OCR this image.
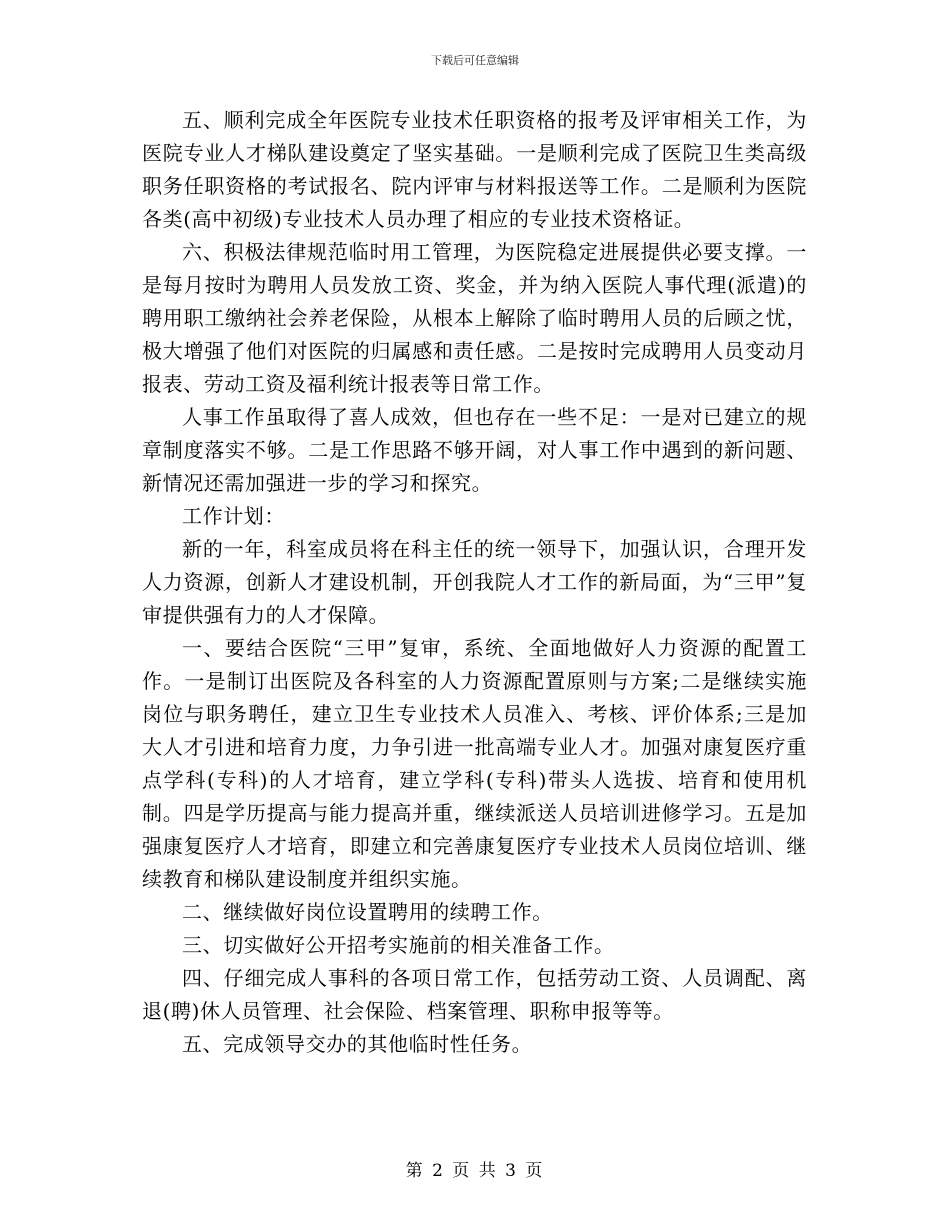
下载后可任意编辑

五、顺利完成全年医院专业技术任职资格的报考及评审相关工作，为医院专业人才梯队建设奠定了坚实基础。一是顺利完成了医院卫生类高级职务任职资格的考试报名、院内评审与材料报送等工作。二是顺利为医院各类(高中初级)专业技术人员办理了相应的专业技术资格证。

六、积极法律规范临时用工管理，为医院稳定进展提供必要支撑。一是每月按时为聘用人员发放工资、奖金，并为纳入医院人事代理(派遣)的聘用职工缴纳社会养老保险，从根本上解除了临时聘用人员的后顾之忧，极大增强了他们对医院的归属感和责任感。二是按时完成聘用人员变动月报表、劳动工资及福利统计报表等日常工作。

人事工作虽取得了喜人成效，但也存在一些不足：一是对已建立的规章制度落实不够。二是工作思路不够开阔，对人事工作中遇到的新问题、新情况还需加强进一步的学习和探究。

工作计划：

新的一年，科室成员将在科主任的统一领导下，加强认识，合理开发人力资源，创新人才建设机制，开创我院人才工作的新局面，为“三甲”复审提供强有力的人才保障。

一、要结合医院“三甲”复审，系统、全面地做好人力资源的配置工作。一是制订出医院及各科室的人力资源配置原则与方案;二是继续实施岗位与职务聘任，建立卫生专业技术人员准入、考核、评价体系;三是加大人才引进和培育力度，力争引进一批高端专业人才。加强对康复医疗重点学科(专科)的人才培育，建立学科(专科)带头人选拔、培育和使用机制。四是学历提高与能力提高并重，继续派送人员培训进修学习。五是加强康复医疗人才培育，即建立和完善康复医疗专业技术人员岗位培训、继续教育和梯队建设制度并组织实施。

二、继续做好岗位设置聘用的续聘工作。

三、切实做好公开招考实施前的相关准备工作。

四、仔细完成人事科的各项日常工作，包括劳动工资、人员调配、离退(聘)休人员管理、社会保险、档案管理、职称申报等等。

五、完成领导交办的其他临时性任务。

第 2 页 共 3 页
